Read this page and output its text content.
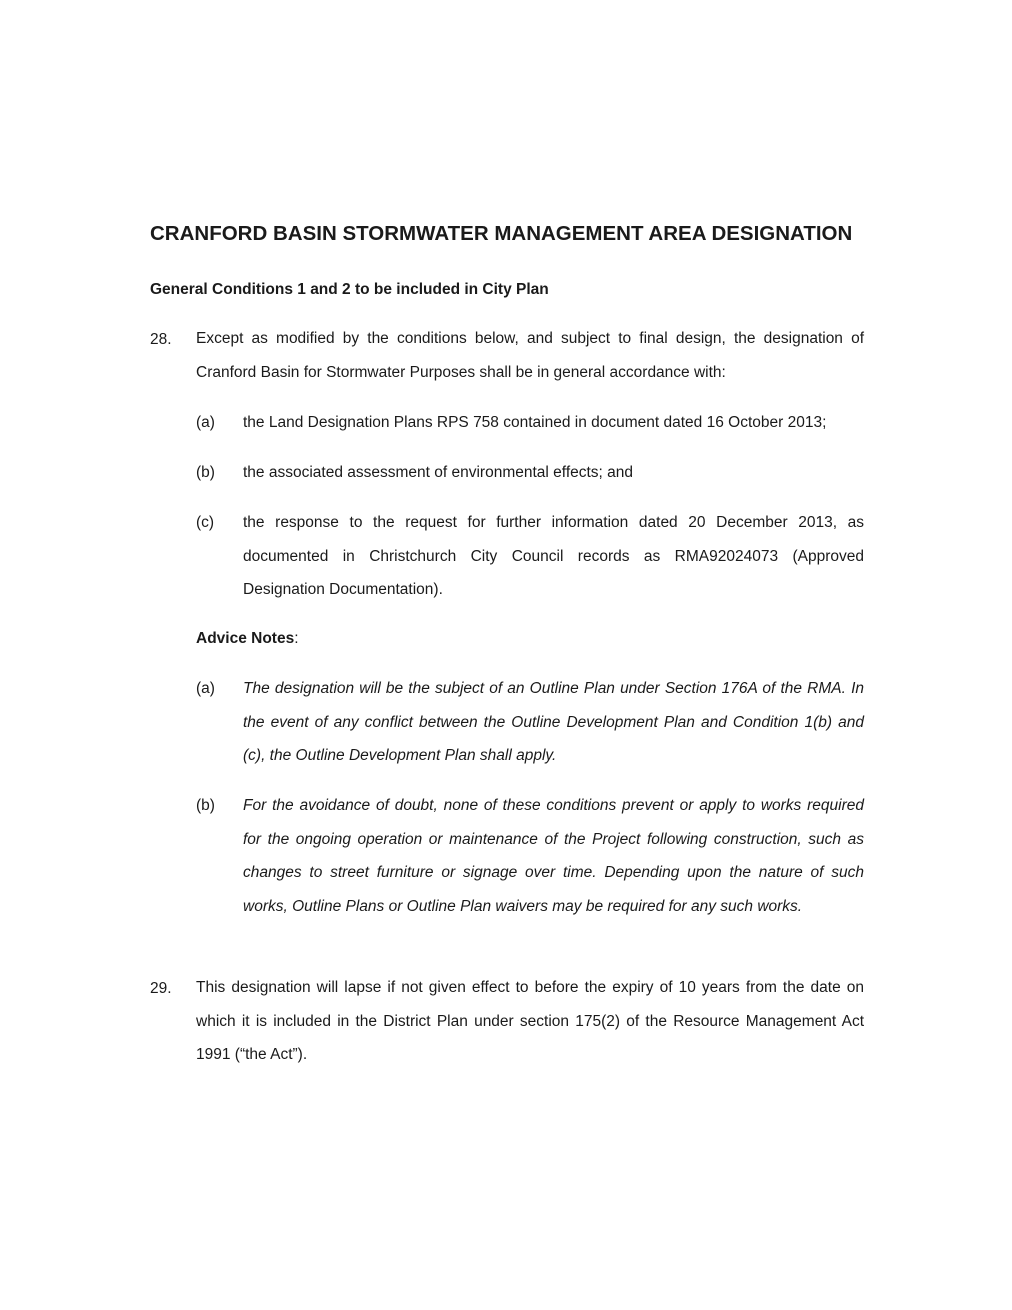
CRANFORD BASIN STORMWATER MANAGEMENT AREA DESIGNATION
General Conditions 1 and 2 to be included in City Plan
28. Except as modified by the conditions below, and subject to final design, the designation of Cranford Basin for Stormwater Purposes shall be in general accordance with:

(a) the Land Designation Plans RPS 758 contained in document dated 16 October 2013;

(b) the associated assessment of environmental effects; and

(c) the response to the request for further information dated 20 December 2013, as documented in Christchurch City Council records as RMA92024073 (Approved Designation Documentation).

Advice Notes:
(a) The designation will be the subject of an Outline Plan under Section 176A of the RMA. In the event of any conflict between the Outline Development Plan and Condition 1(b) and (c), the Outline Development Plan shall apply.

(b) For the avoidance of doubt, none of these conditions prevent or apply to works required for the ongoing operation or maintenance of the Project following construction, such as changes to street furniture or signage over time. Depending upon the nature of such works, Outline Plans or Outline Plan waivers may be required for any such works.

29. This designation will lapse if not given effect to before the expiry of 10 years from the date on which it is included in the District Plan under section 175(2) of the Resource Management Act 1991 (“the Act”).
